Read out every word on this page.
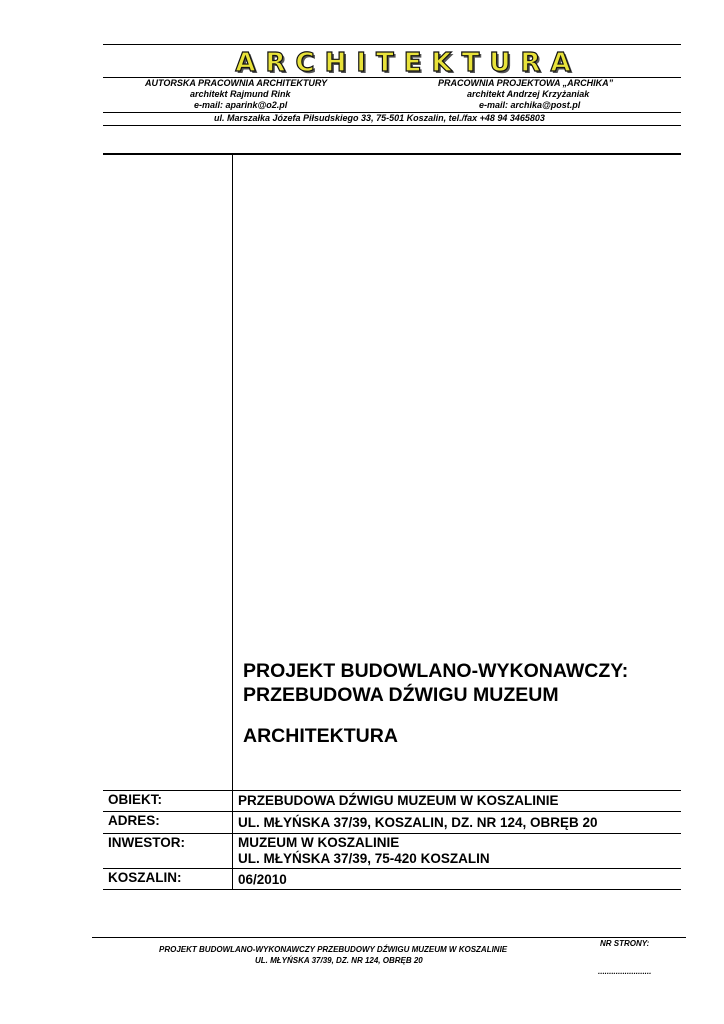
ARCHITEKTURA
AUTORSKA PRACOWNIA ARCHITEKTURY
architekt Rajmund Rink
e-mail: aparink@o2.pl
PRACOWNIA PROJEKTOWA „ARCHIKA”
architekt Andrzej Krzyżaniak
e-mail: archika@post.pl
ul. Marszałka Józefa Piłsudskiego 33, 75-501 Koszalin, tel./fax +48 94 3465803
PROJEKT BUDOWLANO-WYKONAWCZY:
PRZEBUDOWA DŹWIGU MUZEUM
ARCHITEKTURA
OBIEKT:	PRZEBUDOWA DŹWIGU MUZEUM W KOSZALINIE
ADRES:	UL. MŁYŃSKA 37/39, KOSZALIN, DZ. NR 124, OBRĘB 20
INWESTOR:	MUZEUM W KOSZALINIE
UL. MŁYŃSKA 37/39, 75-420 KOSZALIN
KOSZALIN:	06/2010
PROJEKT BUDOWLANO-WYKONAWCZY PRZEBUDOWY DŹWIGU MUZEUM W KOSZALINIE
UL. MŁYŃSKA 37/39, DZ. NR 124, OBRĘB 20
NR STRONY:
........................
